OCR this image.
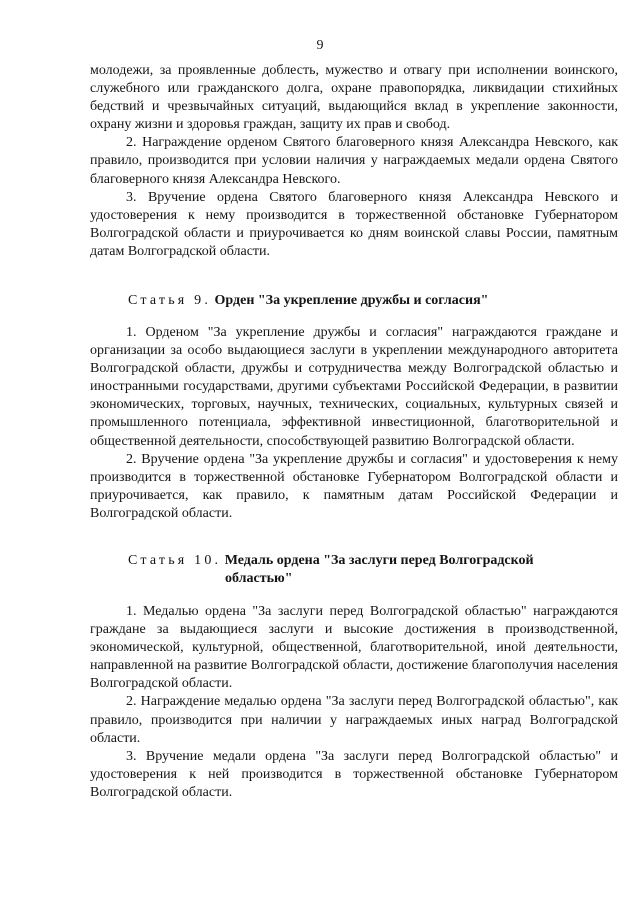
9

молодежи, за проявленные доблесть, мужество и отвагу при исполнении воинского, служебного или гражданского долга, охране правопорядка, ликвидации стихийных бедствий и чрезвычайных ситуаций, выдающийся вклад в укрепление законности, охрану жизни и здоровья граждан, защиту их прав и свобод.

2. Награждение орденом Святого благоверного князя Александра Невского, как правило, производится при условии наличия у награждаемых медали ордена Святого благоверного князя Александра Невского.

3. Вручение ордена Святого благоверного князя Александра Невского и удостоверения к нему производится в торжественной обстановке Губернатором Волгоградской области и приурочивается ко дням воинской славы России, памятным датам Волгоградской области.

Статья 9. Орден "За укрепление дружбы и согласия"

1. Орденом "За укрепление дружбы и согласия" награждаются граждане и организации за особо выдающиеся заслуги в укреплении международного авторитета Волгоградской области, дружбы и сотрудничества между Волгоградской областью и иностранными государствами, другими субъектами Российской Федерации, в развитии экономических, торговых, научных, технических, социальных, культурных связей и промышленного потенциала, эффективной инвестиционной, благотворительной и общественной деятельности, способствующей развитию Волгоградской области.

2. Вручение ордена "За укрепление дружбы и согласия" и удостоверения к нему производится в торжественной обстановке Губернатором Волгоградской области и приурочивается, как правило, к памятным датам Российской Федерации и Волгоградской области.

Статья 10. Медаль ордена "За заслуги перед Волгоградской
областью"

1. Медалью ордена "За заслуги перед Волгоградской областью" награждаются граждане за выдающиеся заслуги и высокие достижения в производственной, экономической, культурной, общественной, благотворительной, иной деятельности, направленной на развитие Волгоградской области, достижение благополучия населения Волгоградской области.

2. Награждение медалью ордена "За заслуги перед Волгоградской областью", как правило, производится при наличии у награждаемых иных наград Волгоградской области.

3. Вручение медали ордена "За заслуги перед Волгоградской областью" и удостоверения к ней производится в торжественной обстановке Губернатором Волгоградской области.
